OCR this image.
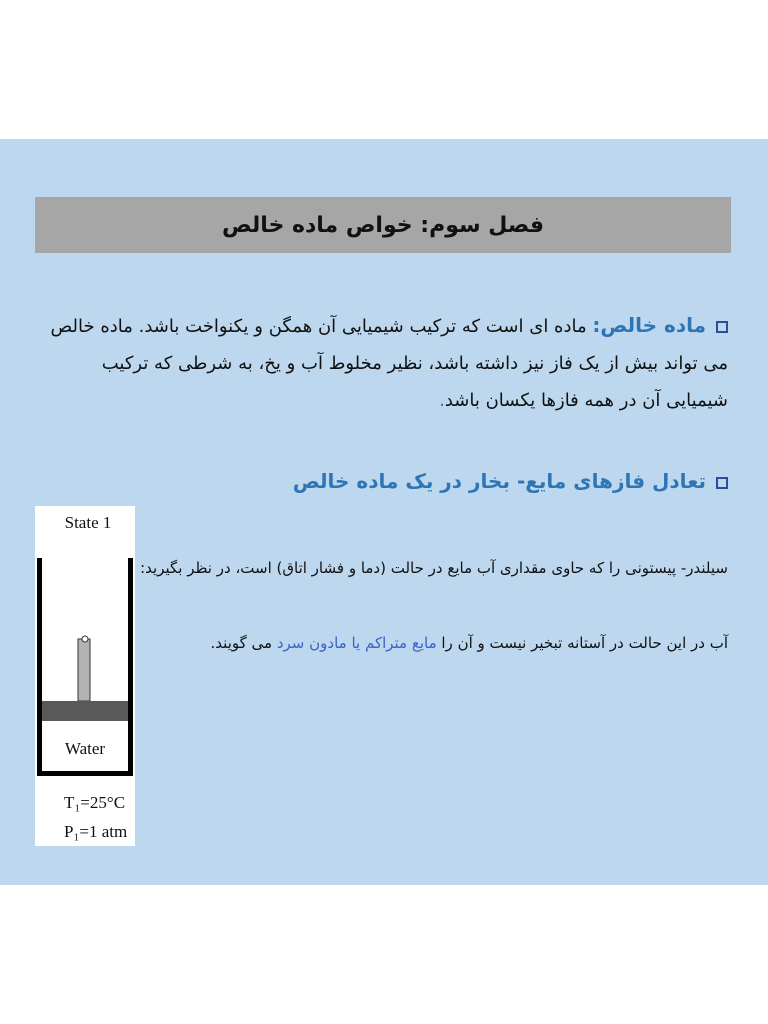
فصل سوم: خواص ماده خالص
ماده خالص: ماده ای است که ترکیب شیمیایی آن همگن و یکنواخت باشد. ماده خالص می تواند بیش از یک فاز نیز داشته باشد، نظیر مخلوط آب و یخ، به شرطی که ترکیب شیمیایی آن در همه فازها یکسان باشد.
تعادل فازهای مایع- بخار در یک ماده خالص
سیلندر- پیستونی را که حاوی مقداری آب مایع در حالت (دما و فشار اتاق) است، در نظر بگیرید:
آب در این حالت در آستانه تبخیر نیست و آن را مایع متراکم یا مادون سرد می گویند.
State 1
Water
T₁=25°C
P₁=1 atm
